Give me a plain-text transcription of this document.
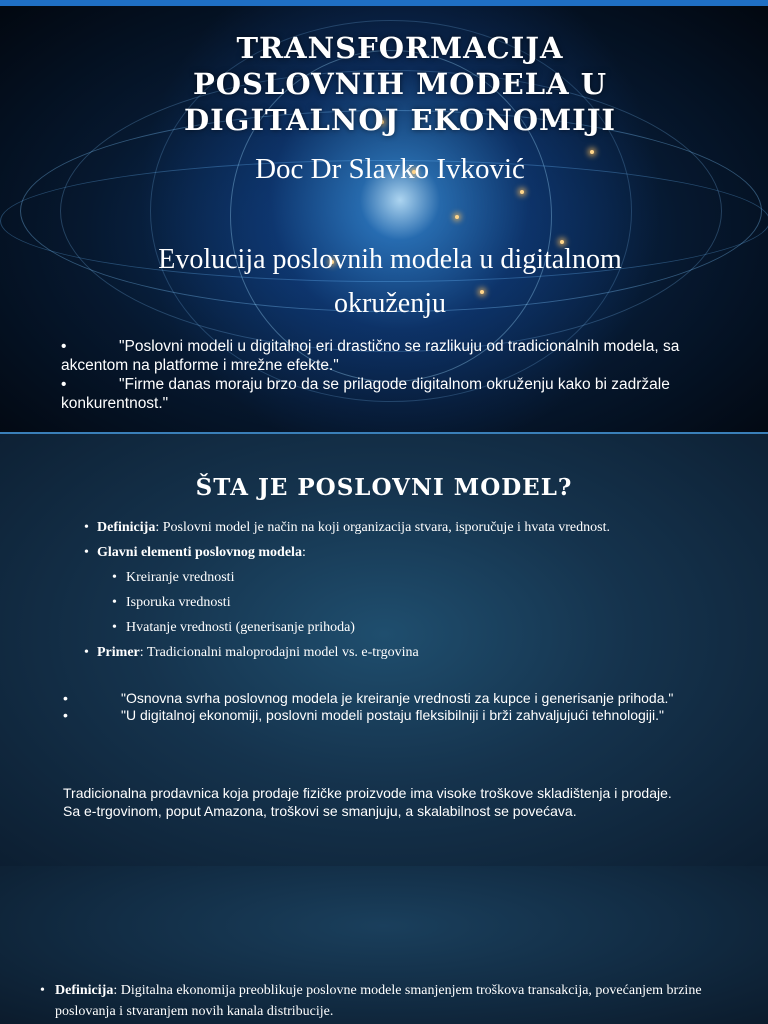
TRANSFORMACIJA
POSLOVNIH MODELA U
DIGITALNOJ EKONOMIJI
Doc Dr Slavko Ivković
Evolucija poslovnih modela u digitalnom
okruženju
•	"Poslovni modeli u digitalnoj eri drastično se razlikuju od tradicionalnih modela, sa akcentom na platforme i mrežne efekte."
•	"Firme danas moraju brzo da se prilagode digitalnom okruženju kako bi zadržale konkurentnost."
ŠTA JE POSLOVNI MODEL?
• Definicija: Poslovni model je način na koji organizacija stvara, isporučuje i hvata vrednost.
• Glavni elementi poslovnog modela:
• Kreiranje vrednosti
• Isporuka vrednosti
• Hvatanje vrednosti (generisanje prihoda)
• Primer: Tradicionalni maloprodajni model vs. e-trgovina
•	"Osnovna svrha poslovnog modela je kreiranje vrednosti za kupce i generisanje prihoda."
•	"U digitalnoj ekonomiji, poslovni modeli postaju fleksibilniji i brži zahvaljujući tehnologiji."
Tradicionalna prodavnica koja prodaje fizičke proizvode ima visoke troškove skladištenja i prodaje. Sa e-trgovinom, poput Amazona, troškovi se smanjuju, a skalabilnost se povećava.
• Definicija: Digitalna ekonomija preoblikuje poslovne modele smanjenjem troškova transakcija, povećanjem brzine poslovanja i stvaranjem novih kanala distribucije.
